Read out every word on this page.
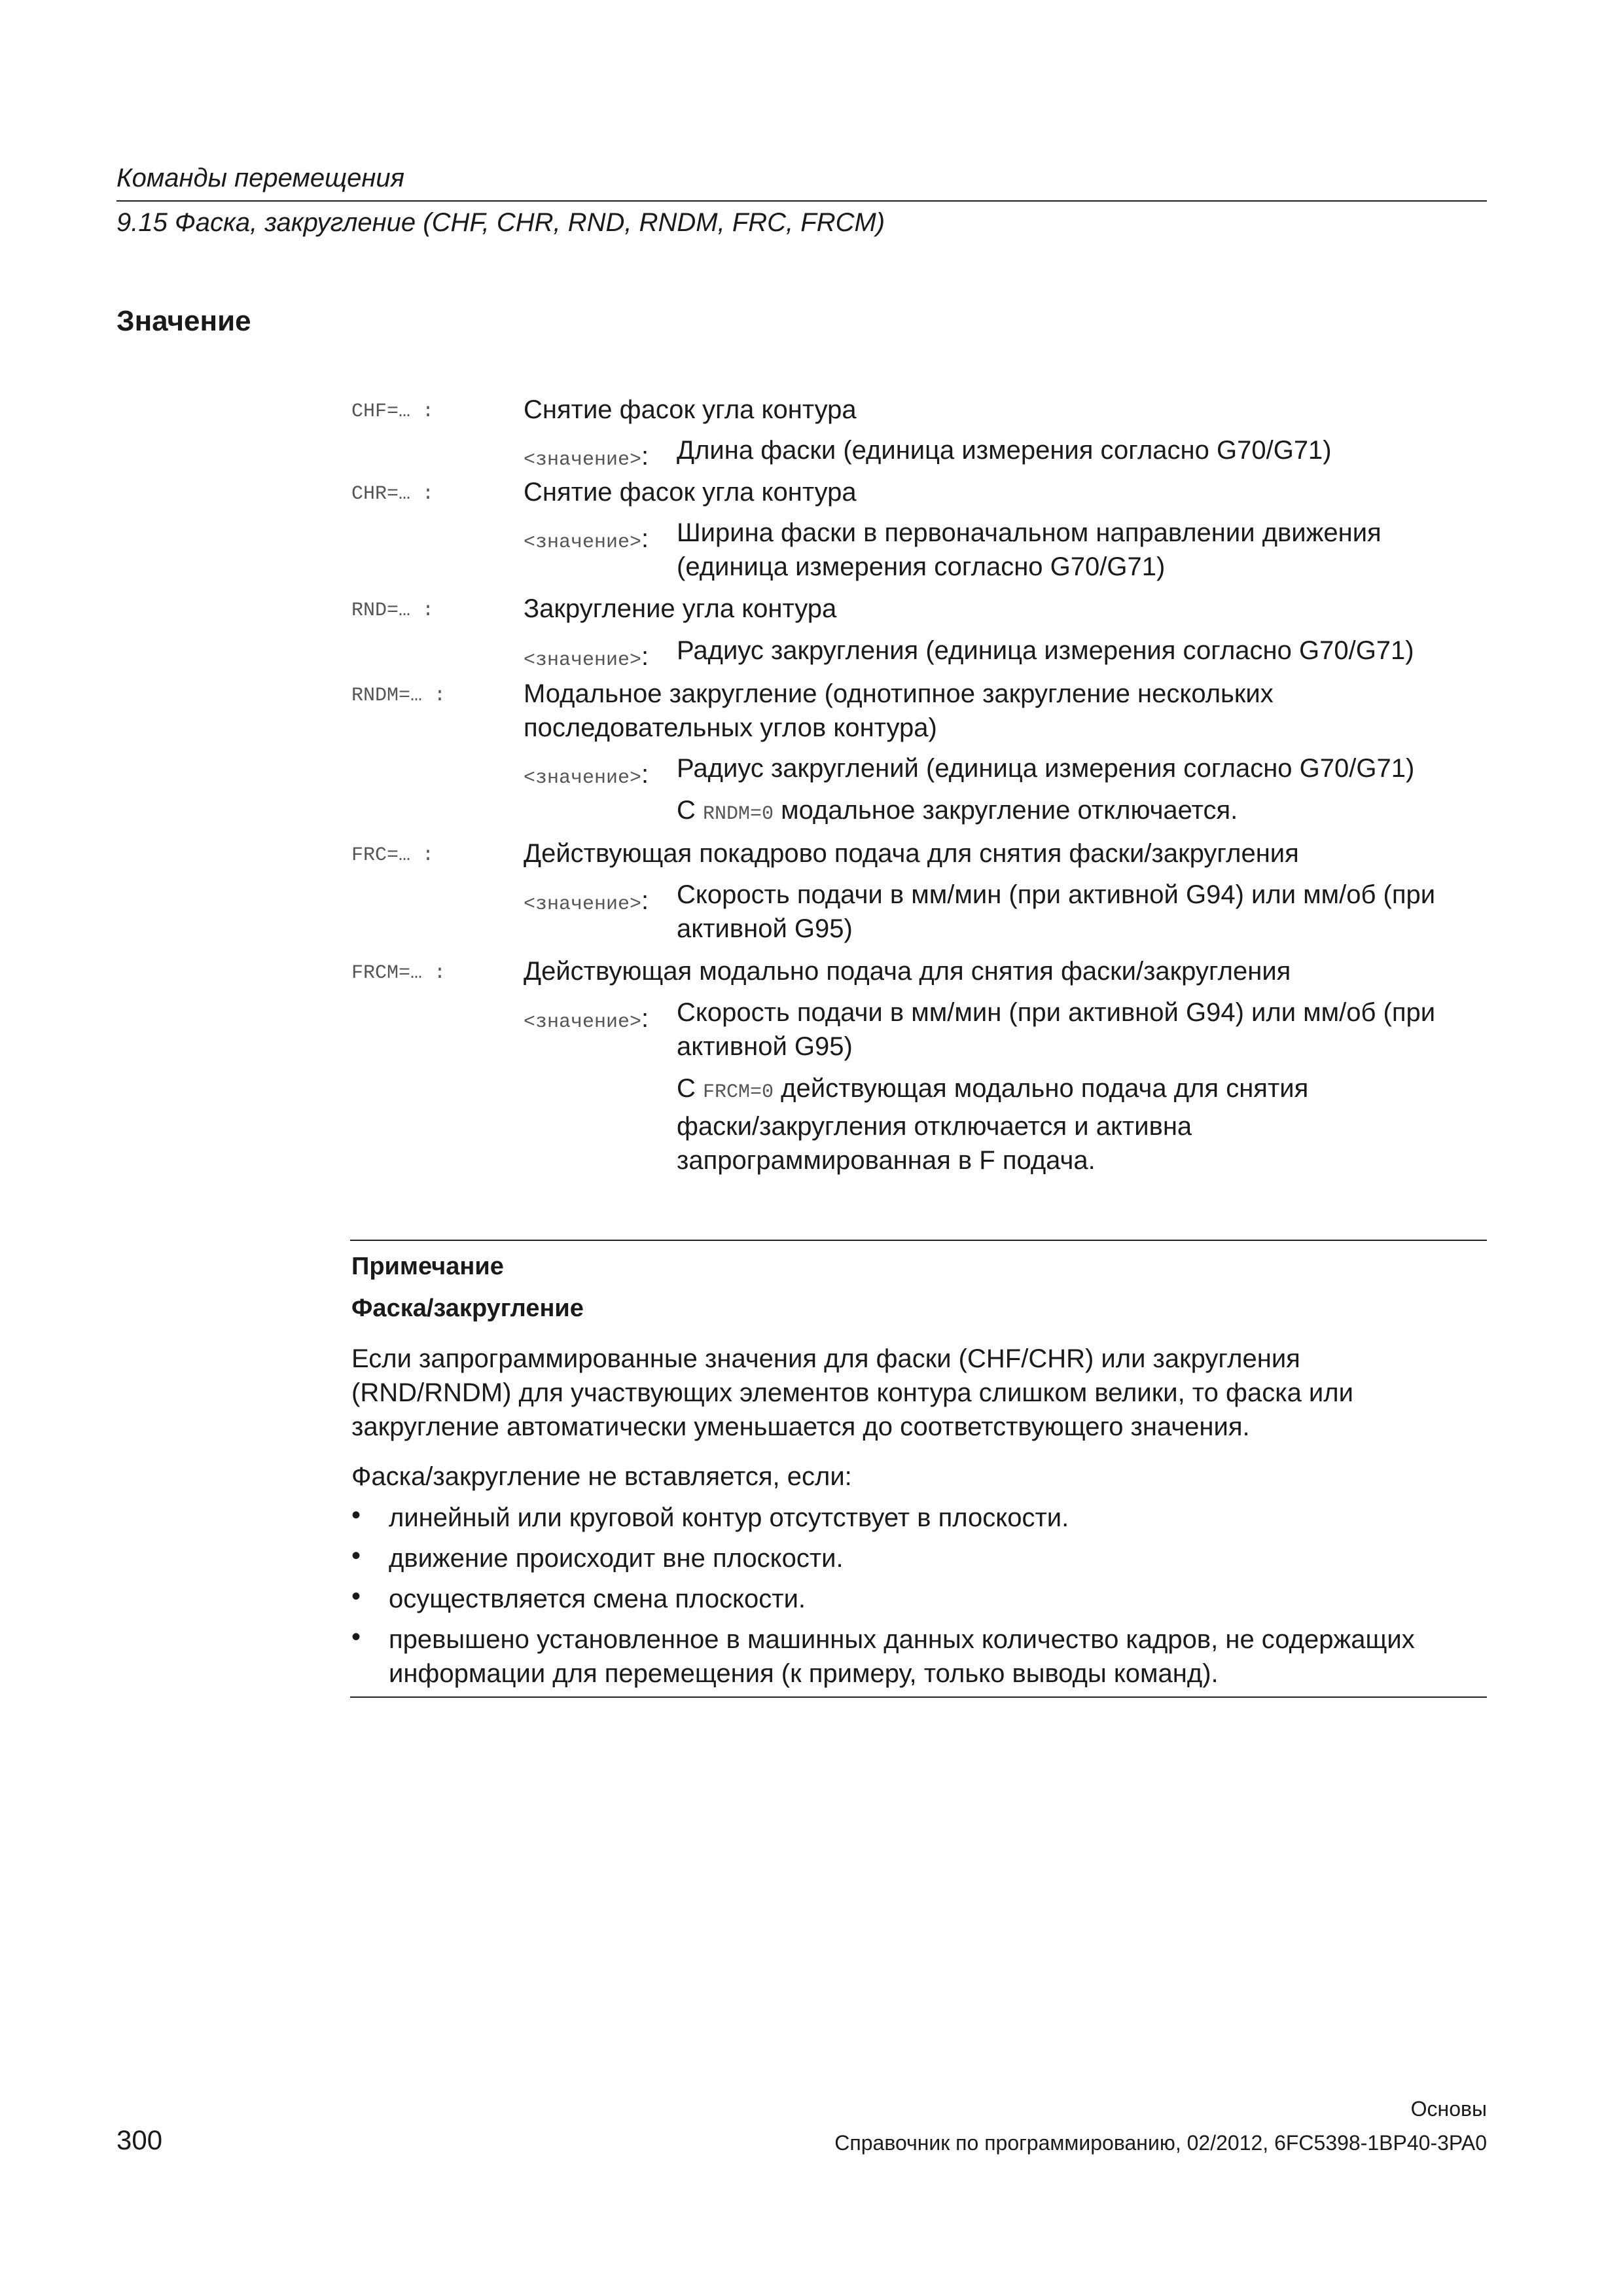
Команды перемещения
9.15 Фаска, закругление (CHF, CHR, RND, RNDM, FRC, FRCM)
Значение
CHF=… :	Снятие фасок угла контура
<значение>: Длина фаски (единица измерения согласно G70/G71)
CHR=… :	Снятие фасок угла контура
<значение>: Ширина фаски в первоначальном направлении движения
(единица измерения согласно G70/G71)
RND=… :	Закругление угла контура
<значение>: Радиус закругления (единица измерения согласно G70/G71)
RNDM=… :	Модальное закругление (однотипное закругление нескольких
последовательных углов контура)
<значение>: Радиус закруглений (единица измерения согласно G70/G71)
С RNDM=0 модальное закругление отключается.
FRC=… :	Действующая покадрово подача для снятия фаски/закругления
<значение>: Скорость подачи в мм/мин (при активной G94) или мм/об (при
активной G95)
FRCM=… :	Действующая модально подача для снятия фаски/закругления
<значение>: Скорость подачи в мм/мин (при активной G94) или мм/об (при
активной G95)
С FRCM=0 действующая модально подача для снятия
фаски/закругления отключается и активна
запрограммированная в F подача.
Примечание
Фаска/закругление
Если запрограммированные значения для фаски (CHF/CHR) или закругления
(RND/RNDM) для участвующих элементов контура слишком велики, то фаска или
закругление автоматически уменьшается до соответствующего значения.
Фаска/закругление не вставляется, если:
• линейный или круговой контур отсутствует в плоскости.
• движение происходит вне плоскости.
• осуществляется смена плоскости.
• превышено установленное в машинных данных количество кадров, не содержащих
информации для перемещения (к примеру, только выводы команд).
Основы
Справочник по программированию, 02/2012, 6FC5398-1BP40-3PA0
300
